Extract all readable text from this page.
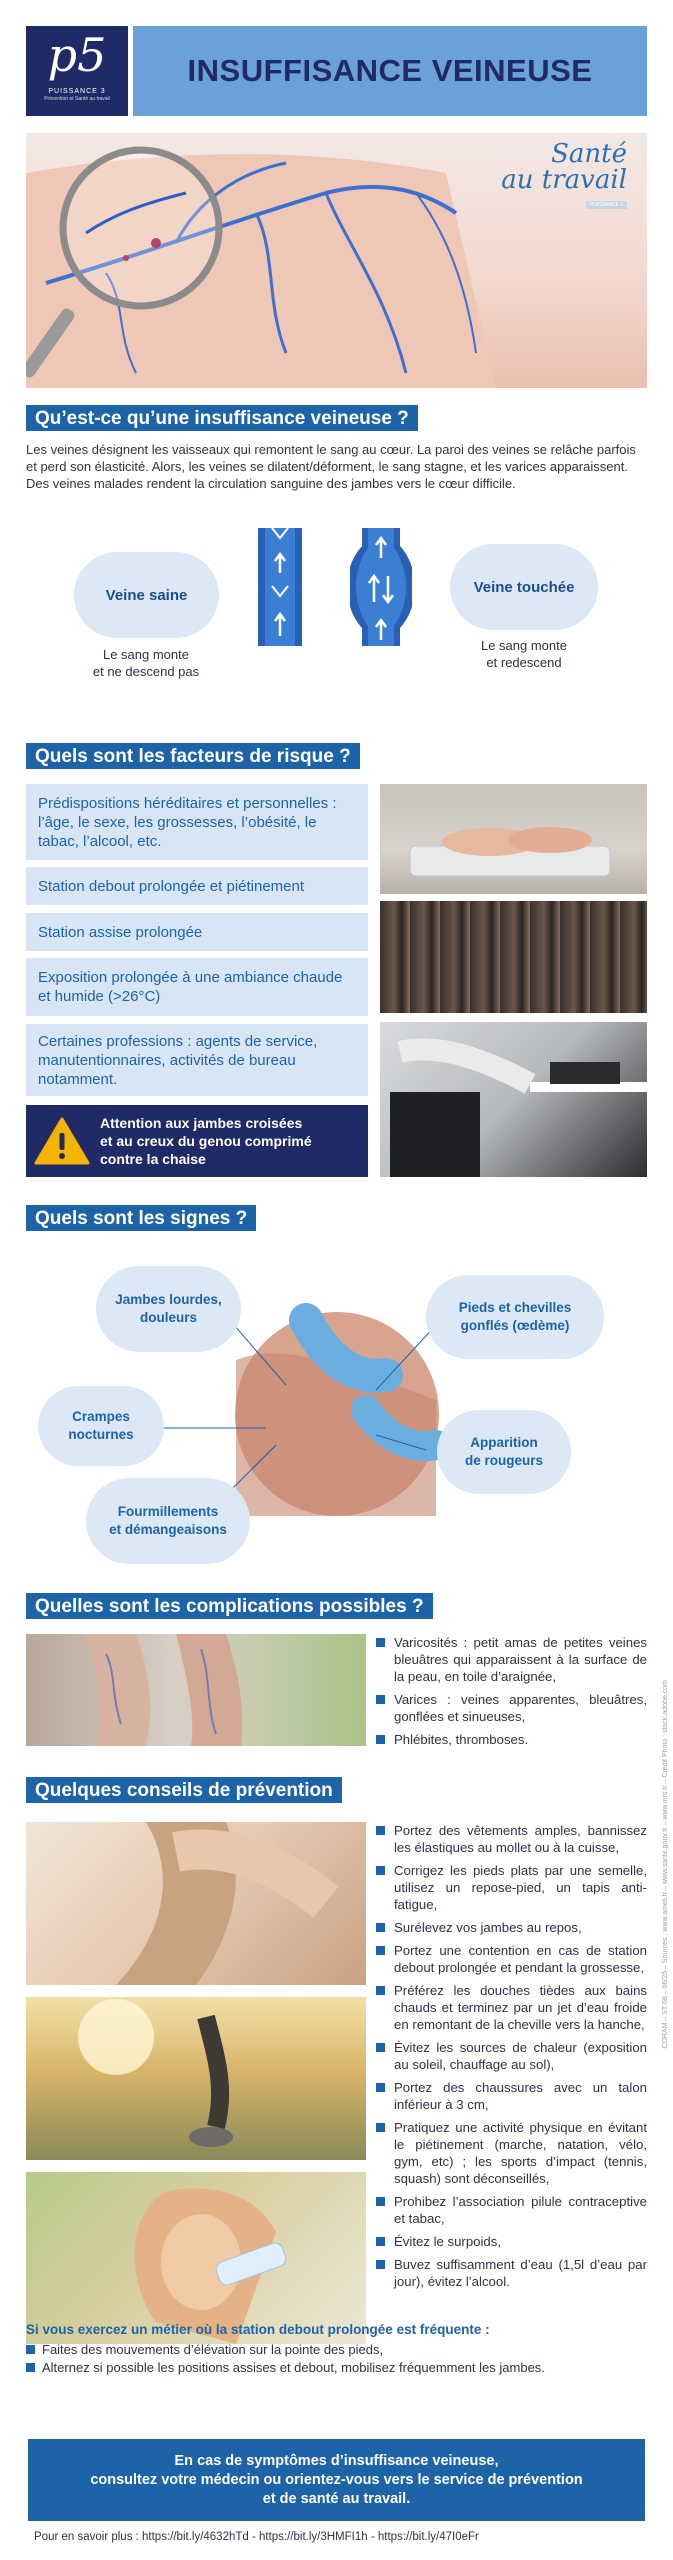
p5
PUISSANCE 3
Prévention et Santé au travail
INSUFFISANCE VEINEUSE
Santé
au travail
PUISSANCE 3
Qu’est-ce qu’une insuffisance veineuse ?

Les veines désignent les vaisseaux qui remontent le sang au cœur. La paroi des veines se relâche parfois et perd son élasticité. Alors, les veines se dilatent/déforment, le sang stagne, et les varices apparaissent. Des veines malades rendent la circulation sanguine des jambes vers le cœur difficile.

Veine saine
Le sang monte
et ne descend pas
Veine touchée
Le sang monte
et redescend
Quels sont les facteurs de risque ?
Prédispositions héréditaires et personnelles : l’âge, le sexe, les grossesses, l’obésité, le tabac, l’alcool, etc.
Station debout prolongée et piétinement
Station assise prolongée
Exposition prolongée à une ambiance chaude et humide (>26°C)
Certaines professions : agents de service, manutentionnaires, activités de bureau notamment.
Attention aux jambes croisées
et au creux du genou comprimé
contre la chaise
Quels sont les signes ?
Jambes lourdes,
douleurs
Pieds et chevilles
gonflés (œdème)
Crampes
nocturnes
Apparition
de rougeurs
Fourmillements
et démangeaisons
Quelles sont les complications possibles ?
Varicosités : petit amas de petites veines bleuâtres qui apparaissent à la surface de la peau, en toile d’araignée,
Varices : veines apparentes, bleuâtres, gonflées et sinueuses,
Phlébites, thromboses.
Quelques conseils de prévention
Portez des vêtements amples, bannissez les élastiques au mollet ou à la cuisse,
Corrigez les pieds plats par une semelle, utilisez un repose-pied, un tapis anti-fatigue,
Surélevez vos jambes au repos,
Portez une contention en cas de station debout prolongée et pendant la grossesse,
Préférez les douches tièdes aux bains chauds et terminez par un jet d’eau froide en remontant de la cheville vers la hanche,
Évitez les sources de chaleur (exposition au soleil, chauffage au sol),
Portez des chaussures avec un talon inférieur à 3 cm,
Pratiquez une activité physique en évitant le piétinement (marche, natation, vélo, gym, etc) ; les sports d’impact (tennis, squash) sont déconseillés,
Prohibez l’association pilule contraceptive et tabac,
Évitez le surpoids,
Buvez suffisamment d’eau (1,5l d’eau par jour), évitez l’alcool.
Si vous exercez un métier où la station debout prolongée est fréquente :
Faites des mouvements d’élévation sur la pointe des pieds,
Alternez si possible les positions assises et debout, mobilisez fréquemment les jambes.
En cas de symptômes d’insuffisance veineuse,
consultez votre médecin ou orientez-vous vers le service de prévention
et de santé au travail.
Pour en savoir plus : https://bit.ly/4632hTd - https://bit.ly/3HMFI1h - https://bit.ly/47I0eFr
CORAM – ST 68 – 06/25 – Sources : www.ameli.fr – www.sante.gouv.fr – www.inrs.fr – Crédit Photo : stock.adobe.com
